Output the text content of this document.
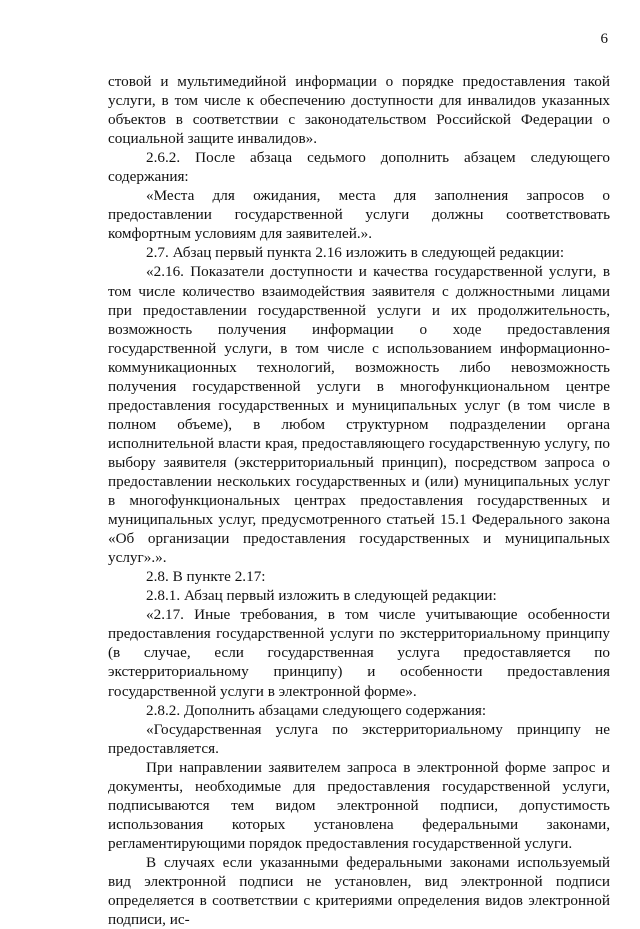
6

стовой и мультимедийной информации о порядке предоставления такой услуги, в том числе к обеспечению доступности для инвалидов указанных объектов в соответствии с законодательством Российской Федерации о социальной защите инвалидов».

2.6.2. После абзаца седьмого дополнить абзацем следующего содержания:

«Места для ожидания, места для заполнения запросов о предоставлении государственной услуги должны соответствовать комфортным условиям для заявителей.».

2.7. Абзац первый пункта 2.16 изложить в следующей редакции:

«2.16. Показатели доступности и качества государственной услуги, в том числе количество взаимодействия заявителя с должностными лицами при предоставлении государственной услуги и их продолжительность, возможность получения информации о ходе предоставления государственной услуги, в том числе с использованием информационно-коммуникационных технологий, возможность либо невозможность получения государственной услуги в многофункциональном центре предоставления государственных и муниципальных услуг (в том числе в полном объеме), в любом структурном подразделении органа исполнительной власти края, предоставляющего государственную услугу, по выбору заявителя (экстерриториальный принцип), посредством запроса о предоставлении нескольких государственных и (или) муниципальных услуг в многофункциональных центрах предоставления государственных и муниципальных услуг, предусмотренного статьей 15.1 Федерального закона «Об организации предоставления государственных и муниципальных услуг».».

2.8. В пункте 2.17:

2.8.1. Абзац первый изложить в следующей редакции:

«2.17. Иные требования, в том числе учитывающие особенности предоставления государственной услуги по экстерриториальному принципу (в случае, если государственная услуга предоставляется по экстерриториальному принципу) и особенности предоставления государственной услуги в электронной форме».

2.8.2. Дополнить абзацами следующего содержания:

«Государственная услуга по экстерриториальному принципу не предоставляется.

При направлении заявителем запроса в электронной форме запрос и документы, необходимые для предоставления государственной услуги, подписываются тем видом электронной подписи, допустимость использования которых установлена федеральными законами, регламентирующими порядок предоставления государственной услуги.

В случаях если указанными федеральными законами используемый вид электронной подписи не установлен, вид электронной подписи определяется в соответствии с критериями определения видов электронной подписи, ис-
